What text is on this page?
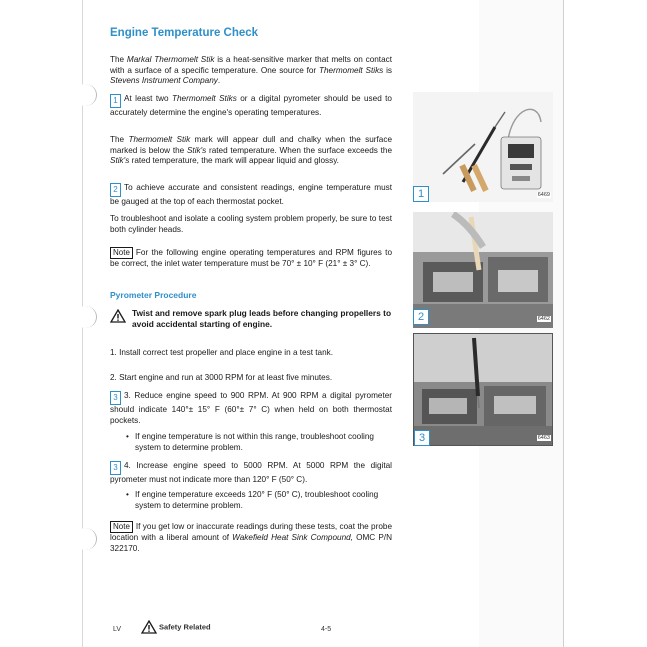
Engine Temperature Check
The Markal Thermomelt Stik is a heat-sensitive marker that melts on contact with a surface of a specific temperature. One source for Thermomelt Stiks is Stevens Instrument Company.
1 At least two Thermomelt Stiks or a digital pyrometer should be used to accurately determine the engine's operating temperatures.
The Thermomelt Stik mark will appear dull and chalky when the surface marked is below the Stik's rated temperature. When the surface exceeds the Stik's rated temperature, the mark will appear liquid and glossy.
2 To achieve accurate and consistent readings, engine temperature must be gauged at the top of each thermostat pocket.
To troubleshoot and isolate a cooling system problem properly, be sure to test both cylinder heads.
Note For the following engine operating temperatures and RPM figures to be correct, the inlet water temperature must be 70° ± 10° F (21° ± 3° C).
Pyrometer Procedure
Twist and remove spark plug leads before changing propellers to avoid accidental starting of engine.
1. Install correct test propeller and place engine in a test tank.
2. Start engine and run at 3000 RPM for at least five minutes.
3 3. Reduce engine speed to 900 RPM. At 900 RPM a digital pyrometer should indicate 140°± 15° F (60°± 7° C) when held on both thermostat pockets.
• If engine temperature is not within this range, troubleshoot cooling system to determine problem.
3 4. Increase engine speed to 5000 RPM. At 5000 RPM the digital pyrometer must not indicate more than 120° F (50° C).
• If engine temperature exceeds 120° F (50° C), troubleshoot cooling system to determine problem.
Note If you get low or inaccurate readings during these tests, coat the probe location with a liberal amount of Wakefield Heat Sink Compound, OMC P/N 322170.
1	6469
2	6462
3	6463
LV	Safety Related	4-5
